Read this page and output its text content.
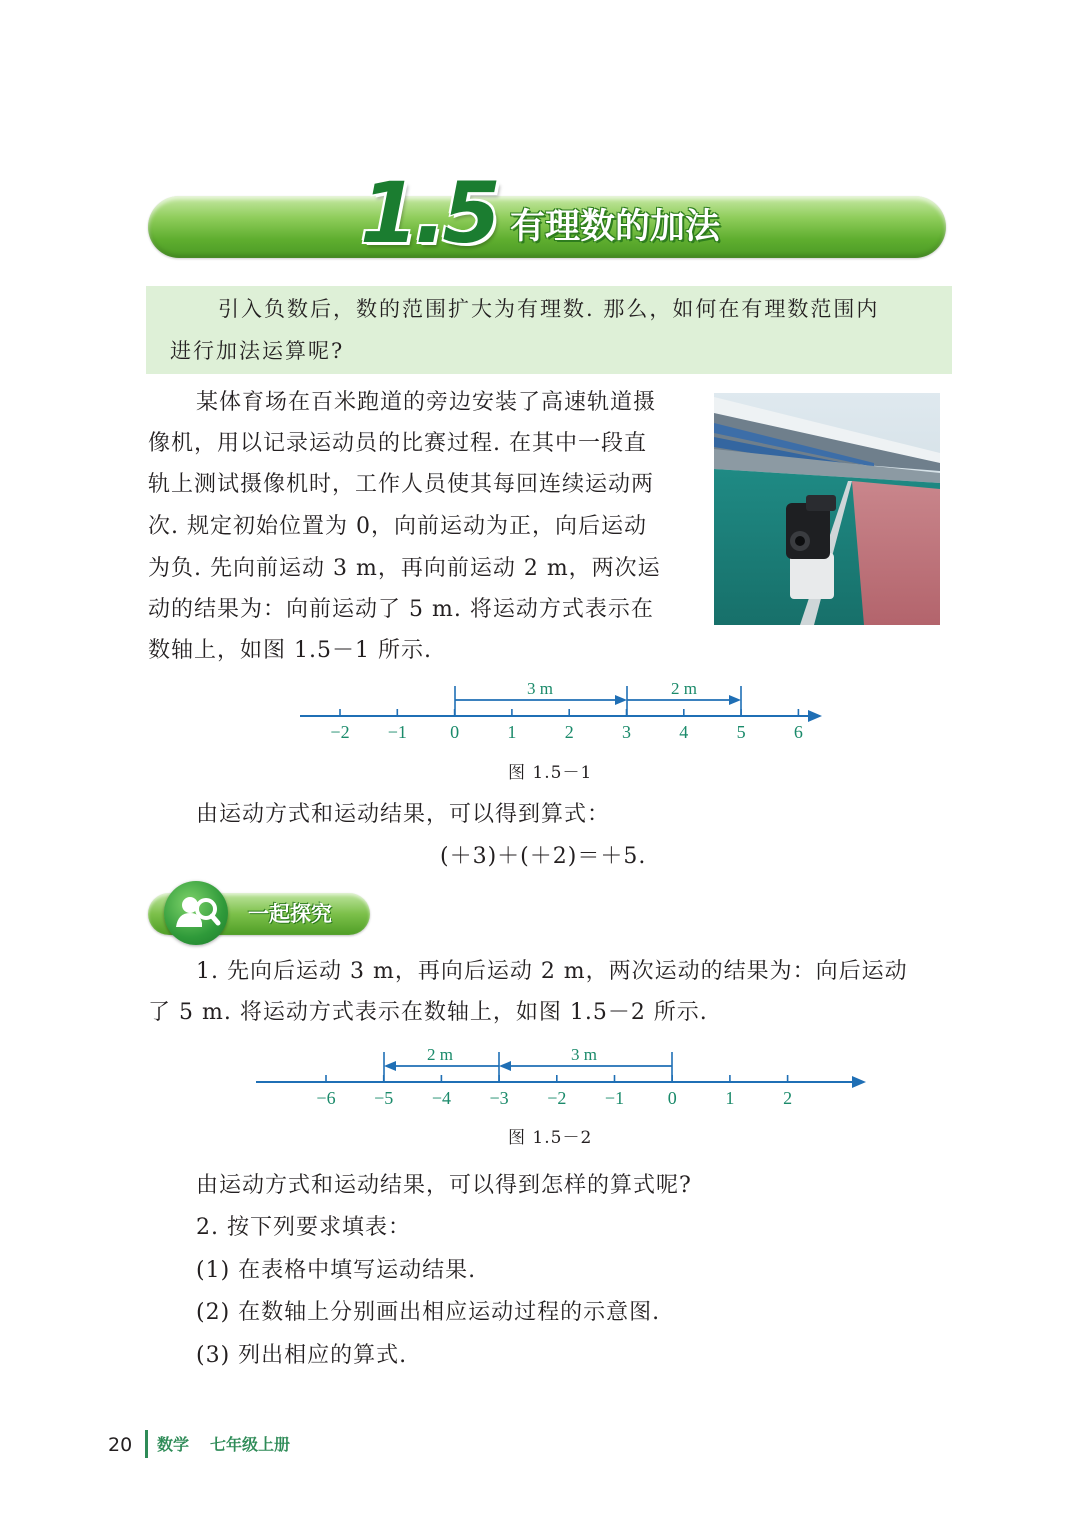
1.5 有理数的加法
引入负数后，数的范围扩大为有理数. 那么，如何在有理数范围内
进行加法运算呢?
某体育场在百米跑道的旁边安装了高速轨道摄
像机，用以记录运动员的比赛过程. 在其中一段直
轨上测试摄像机时，工作人员使其每回连续运动两
次. 规定初始位置为 0，向前运动为正，向后运动
为负. 先向前运动 3 m，再向前运动 2 m，两次运
动的结果为：向前运动了 5 m. 将运动方式表示在
数轴上，如图 1.5－1 所示.
−2 −1 0	1	2	3	4	5	6
3 m	2 m
图 1.5－1
由运动方式和运动结果，可以得到算式：
(＋3)＋(＋2)＝＋5.
一起探究
1. 先向后运动 3 m，再向后运动 2 m，两次运动的结果为：向后运动
了 5 m. 将运动方式表示在数轴上，如图 1.5－2 所示.
−6 −5 −4 −3 −2 −1 0	1	2
2 m	3 m
图 1.5－2
由运动方式和运动结果，可以得到怎样的算式呢?
2. 按下列要求填表：
(1) 在表格中填写运动结果.
(2) 在数轴上分别画出相应运动过程的示意图.
(3) 列出相应的算式.
20 数学 七年级上册
